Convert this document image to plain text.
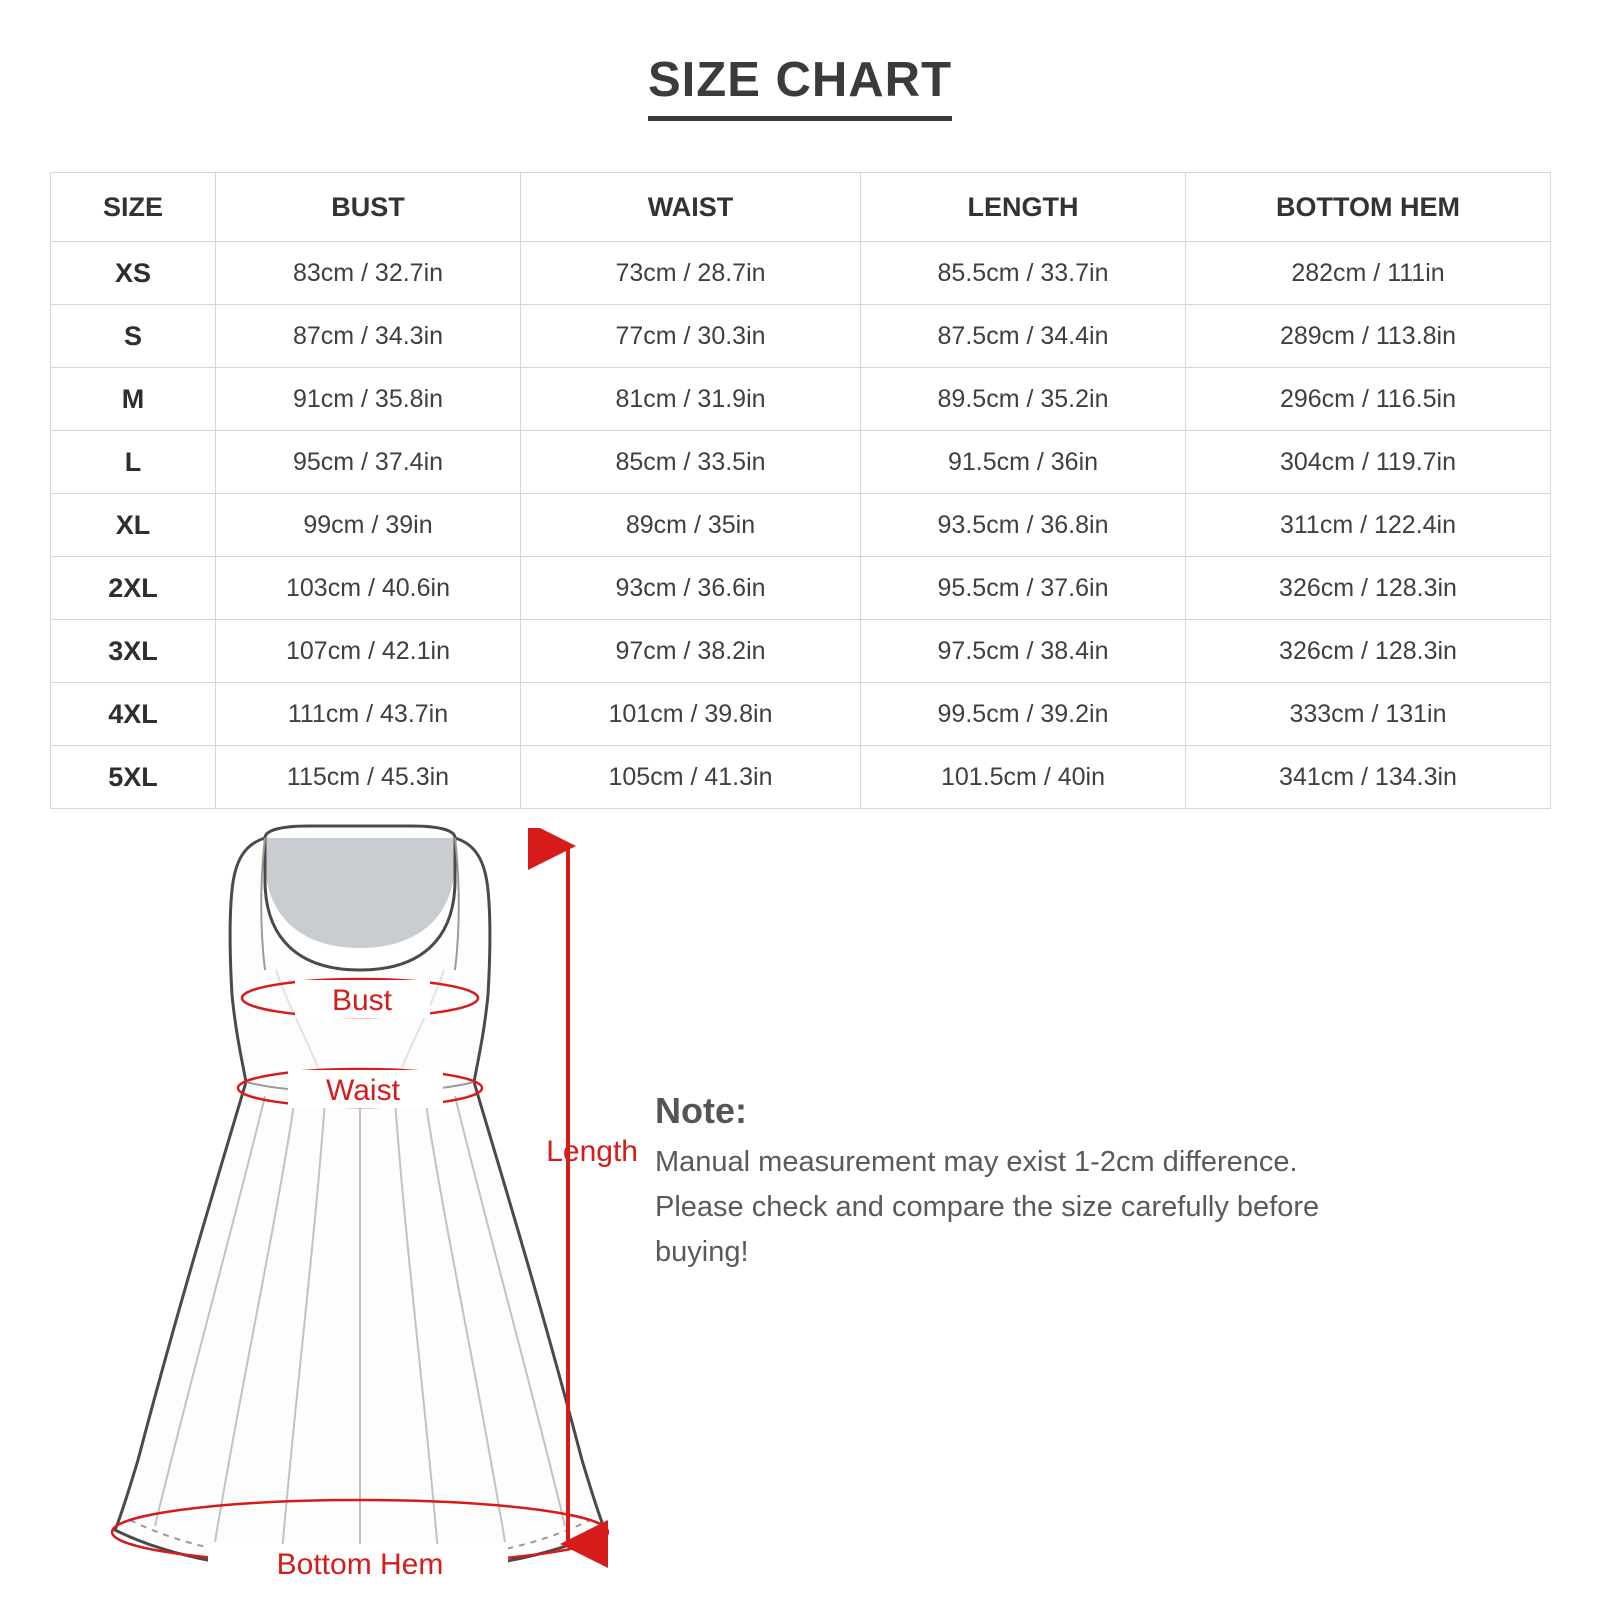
SIZE CHART
SIZE	BUST	WAIST	LENGTH	BOTTOM HEM
XS	83cm / 32.7in	73cm / 28.7in	85.5cm / 33.7in	282cm / 111in
S	87cm / 34.3in	77cm / 30.3in	87.5cm / 34.4in	289cm / 113.8in
M	91cm / 35.8in	81cm / 31.9in	89.5cm / 35.2in	296cm / 116.5in
L	95cm / 37.4in	85cm / 33.5in	91.5cm / 36in	304cm / 119.7in
XL	99cm / 39in	89cm / 35in	93.5cm / 36.8in	311cm / 122.4in
2XL	103cm / 40.6in	93cm / 36.6in	95.5cm / 37.6in	326cm / 128.3in
3XL	107cm / 42.1in	97cm / 38.2in	97.5cm / 38.4in	326cm / 128.3in
4XL	111cm / 43.7in	101cm / 39.8in	99.5cm / 39.2in	333cm / 131in
5XL	115cm / 45.3in	105cm / 41.3in	101.5cm / 40in	341cm / 134.3in
Bust
Waist
Bottom Hem
Length
Note:
Manual measurement may exist 1-2cm difference.
Please check and compare the size carefully before
buying!
